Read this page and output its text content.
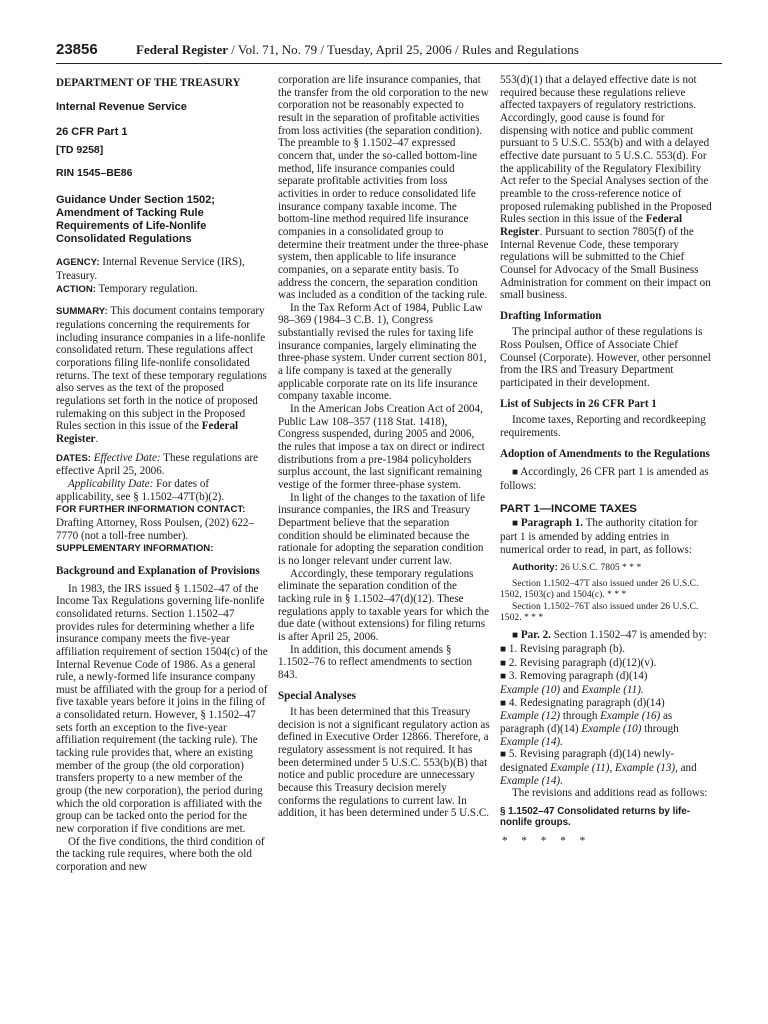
23856	Federal Register / Vol. 71, No. 79 / Tuesday, April 25, 2006 / Rules and Regulations

DEPARTMENT OF THE TREASURY

Internal Revenue Service

26 CFR Part 1

[TD 9258]

RIN 1545–BE86

Guidance Under Section 1502; Amendment of Tacking Rule Requirements of Life-Nonlife Consolidated Regulations

AGENCY: Internal Revenue Service (IRS), Treasury.

ACTION: Temporary regulation.

SUMMARY: This document contains temporary regulations concerning the requirements for including insurance companies in a life-nonlife consolidated return. These regulations affect corporations filing life-nonlife consolidated returns. The text of these temporary regulations also serves as the text of the proposed regulations set forth in the notice of proposed rulemaking on this subject in the Proposed Rules section in this issue of the Federal Register.

DATES: Effective Date: These regulations are effective April 25, 2006.

Applicability Date: For dates of applicability, see § 1.1502–47T(b)(2).

FOR FURTHER INFORMATION CONTACT:

Drafting Attorney, Ross Poulsen, (202) 622–7770 (not a toll-free number).

SUPPLEMENTARY INFORMATION:

Background and Explanation of Provisions

In 1983, the IRS issued § 1.1502–47 of the Income Tax Regulations governing life-nonlife consolidated returns. Section 1.1502–47 provides rules for determining whether a life insurance company meets the five-year affiliation requirement of section 1504(c) of the Internal Revenue Code of 1986. As a general rule, a newly-formed life insurance company must be affiliated with the group for a period of five taxable years before it joins in the filing of a consolidated return. However, § 1.1502–47 sets forth an exception to the five-year affiliation requirement (the tacking rule). The tacking rule provides that, where an existing member of the group (the old corporation) transfers property to a new member of the group (the new corporation), the period during which the old corporation is affiliated with the group can be tacked onto the period for the new corporation if five conditions are met.

Of the five conditions, the third condition of the tacking rule requires, where both the old corporation and new

corporation are life insurance companies, that the transfer from the old corporation to the new corporation not be reasonably expected to result in the separation of profitable activities from loss activities (the separation condition). The preamble to § 1.1502–47 expressed concern that, under the so-called bottom-line method, life insurance companies could separate profitable activities from loss activities in order to reduce consolidated life insurance company taxable income. The bottom-line method required life insurance companies in a consolidated group to determine their treatment under the three-phase system, then applicable to life insurance companies, on a separate entity basis. To address the concern, the separation condition was included as a condition of the tacking rule.

In the Tax Reform Act of 1984, Public Law 98–369 (1984–3 C.B. 1), Congress substantially revised the rules for taxing life insurance companies, largely eliminating the three-phase system. Under current section 801, a life company is taxed at the generally applicable corporate rate on its life insurance company taxable income.

In the American Jobs Creation Act of 2004, Public Law 108–357 (118 Stat. 1418), Congress suspended, during 2005 and 2006, the rules that impose a tax on direct or indirect distributions from a pre-1984 policyholders surplus account, the last significant remaining vestige of the former three-phase system.

In light of the changes to the taxation of life insurance companies, the IRS and Treasury Department believe that the separation condition should be eliminated because the rationale for adopting the separation condition is no longer relevant under current law.

Accordingly, these temporary regulations eliminate the separation condition of the tacking rule in § 1.1502–47(d)(12). These regulations apply to taxable years for which the due date (without extensions) for filing returns is after April 25, 2006.

In addition, this document amends § 1.1502–76 to reflect amendments to section 843.

Special Analyses

It has been determined that this Treasury decision is not a significant regulatory action as defined in Executive Order 12866. Therefore, a regulatory assessment is not required. It has been determined under 5 U.S.C. 553(b)(B) that notice and public procedure are unnecessary because this Treasury decision merely conforms the regulations to current law. In addition, it has been determined under 5 U.S.C.

553(d)(1) that a delayed effective date is not required because these regulations relieve affected taxpayers of regulatory restrictions. Accordingly, good cause is found for dispensing with notice and public comment pursuant to 5 U.S.C. 553(b) and with a delayed effective date pursuant to 5 U.S.C. 553(d). For the applicability of the Regulatory Flexibility Act refer to the Special Analyses section of the preamble to the cross-reference notice of proposed rulemaking published in the Proposed Rules section in this issue of the Federal Register. Pursuant to section 7805(f) of the Internal Revenue Code, these temporary regulations will be submitted to the Chief Counsel for Advocacy of the Small Business Administration for comment on their impact on small business.

Drafting Information

The principal author of these regulations is Ross Poulsen, Office of Associate Chief Counsel (Corporate). However, other personnel from the IRS and Treasury Department participated in their development.

List of Subjects in 26 CFR Part 1

Income taxes, Reporting and recordkeeping requirements.

Adoption of Amendments to the Regulations

■ Accordingly, 26 CFR part 1 is amended as follows:

PART 1—INCOME TAXES

■ Paragraph 1. The authority citation for part 1 is amended by adding entries in numerical order to read, in part, as follows:

Authority: 26 U.S.C. 7805 * * *

Section 1.1502–47T also issued under 26 U.S.C. 1502, 1503(c) and 1504(c). * * *

Section 1.1502–76T also issued under 26 U.S.C. 1502. * * *

■ Par. 2. Section 1.1502–47 is amended by:

■ 1. Revising paragraph (b).

■ 2. Revising paragraph (d)(12)(v).

■ 3. Removing paragraph (d)(14)
Example (10) and Example (11).

■ 4. Redesignating paragraph (d)(14)
Example (12) through Example (16) as paragraph (d)(14) Example (10) through Example (14).

■ 5. Revising paragraph (d)(14) newly-designated Example (11), Example (13), and Example (14).

The revisions and additions read as follows:

§ 1.1502–47 Consolidated returns by life-nonlife groups.

*     *     *     *     *
